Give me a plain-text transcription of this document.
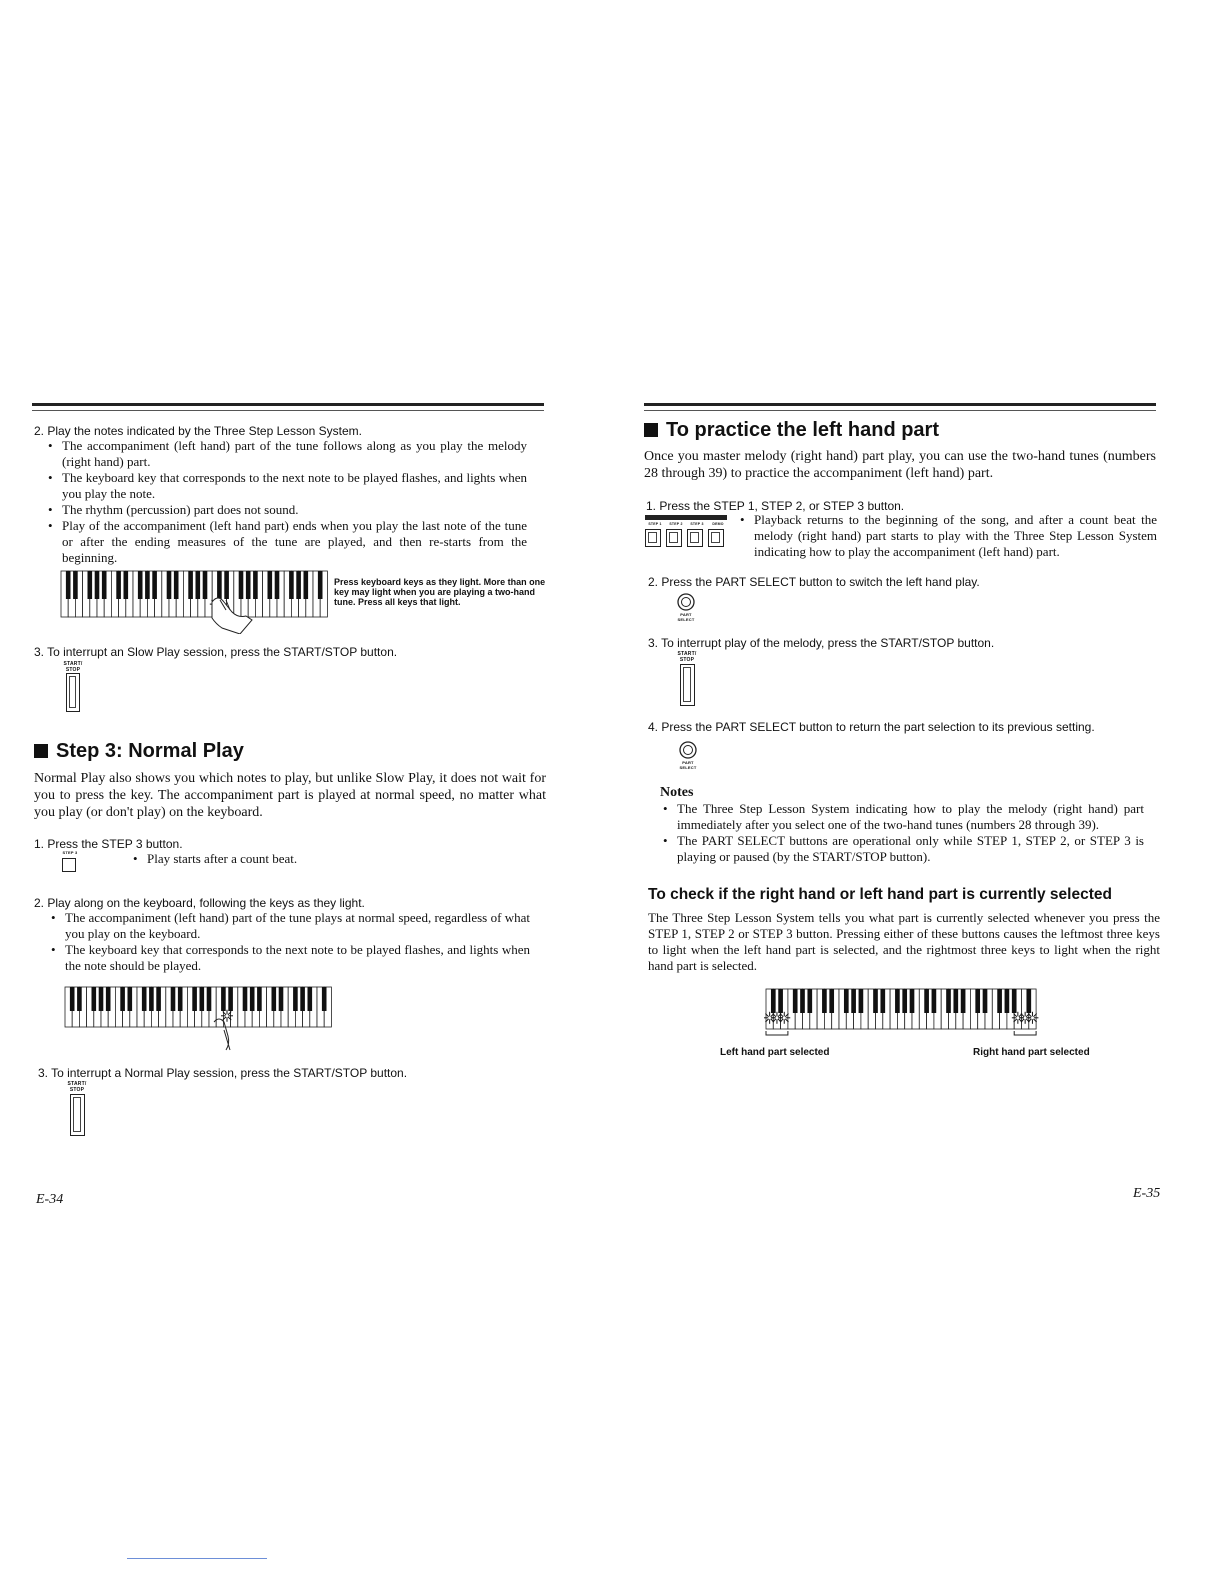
2. Play the notes indicated by the Three Step Lesson System.
• The accompaniment (left hand) part of the tune follows along as you play the melody (right hand) part.
• The keyboard key that corresponds to the next note to be played flashes, and lights when you play the note.
• The rhythm (percussion) part does not sound.
• Play of the accompaniment (left hand part) ends when you play the last note of the tune or after the ending measures of the tune are played, and then re-starts from the beginning.
Press keyboard keys as they light. More than one key may light when you are playing a two-hand tune. Press all keys that light.
3. To interrupt an Slow Play session, press the START/STOP button.
START/
STOP
Step 3: Normal Play
Normal Play also shows you which notes to play, but unlike Slow Play, it does not wait for you to press the key. The accompaniment part is played at normal speed, no matter what you play (or don't play) on the keyboard.
1. Press the STEP 3 button.
STEP 3	• Play starts after a count beat.
2. Play along on the keyboard, following the keys as they light.
• The accompaniment (left hand) part of the tune plays at normal speed, regardless of what you play on the keyboard.
• The keyboard key that corresponds to the next note to be played flashes, and lights when the note should be played.
3. To interrupt a Normal Play session, press the START/STOP button.
START/
STOP
E-34
To practice the left hand part
Once you master melody (right hand) part play, you can use the two-hand tunes (numbers 28 through 39) to practice the accompaniment (left hand) part.
1. Press the STEP 1, STEP 2, or STEP 3 button.
STEP 1	STEP 2	STEP 3	DEMO	• Playback returns to the beginning of the song, and after a count beat the melody (right hand) part starts to play with the Three Step Lesson System indicating how to play the accompaniment (left hand) part.
2. Press the PART SELECT button to switch the left hand play.
PART
SELECT
3. To interrupt play of the melody, press the START/STOP button.
START/
STOP
4. Press the PART SELECT button to return the part selection to its previous setting.
PART
SELECT
Notes
• The Three Step Lesson System indicating how to play the melody (right hand) part immediately after you select one of the two-hand tunes (numbers 28 through 39).
• The PART SELECT buttons are operational only while STEP 1, STEP 2, or STEP 3 is playing or paused (by the START/STOP button).
To check if the right hand or left hand part is currently selected
The Three Step Lesson System tells you what part is currently selected whenever you press the STEP 1, STEP 2 or STEP 3 button. Pressing either of these buttons causes the leftmost three keys to light when the left hand part is selected, and the rightmost three keys to light when the right hand part is selected.
Left hand part selected	Right hand part selected
E-35
